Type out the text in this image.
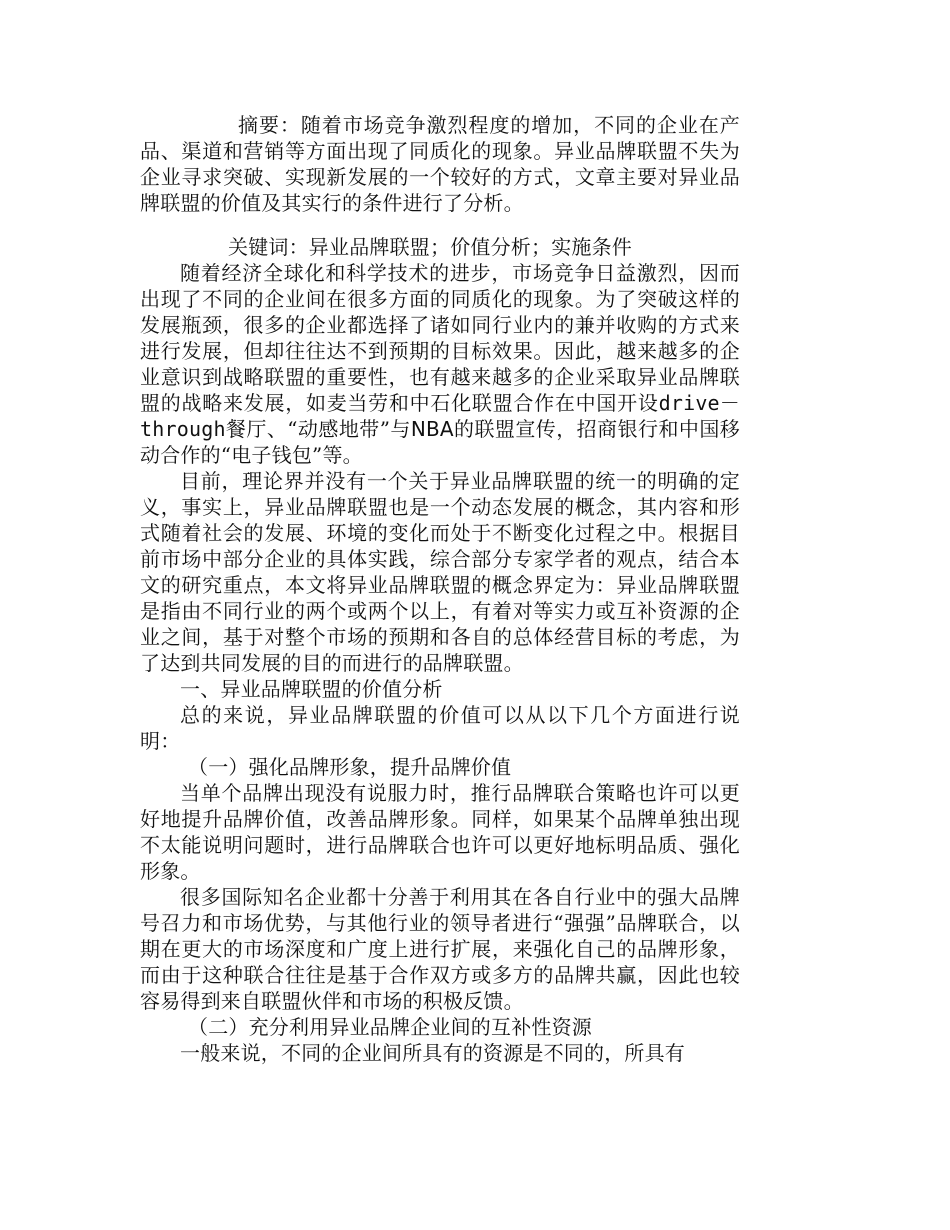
摘要：随着市场竞争激烈程度的增加，不同的企业在产品、渠道和营销等方面出现了同质化的现象。异业品牌联盟不失为企业寻求突破、实现新发展的一个较好的方式，文章主要对异业品牌联盟的价值及其实行的条件进行了分析。

关键词：异业品牌联盟；价值分析；实施条件

随着经济全球化和科学技术的进步，市场竞争日益激烈，因而出现了不同的企业间在很多方面的同质化的现象。为了突破这样的发展瓶颈，很多的企业都选择了诸如同行业内的兼并收购的方式来进行发展，但却往往达不到预期的目标效果。因此，越来越多的企业意识到战略联盟的重要性，也有越来越多的企业采取异业品牌联盟的战略来发展，如麦当劳和中石化联盟合作在中国开设drive－through餐厅、“动感地带”与NBA的联盟宣传，招商银行和中国移动合作的“电子钱包”等。

目前，理论界并没有一个关于异业品牌联盟的统一的明确的定义，事实上，异业品牌联盟也是一个动态发展的概念，其内容和形式随着社会的发展、环境的变化而处于不断变化过程之中。根据目前市场中部分企业的具体实践，综合部分专家学者的观点，结合本文的研究重点，本文将异业品牌联盟的概念界定为：异业品牌联盟是指由不同行业的两个或两个以上，有着对等实力或互补资源的企业之间，基于对整个市场的预期和各自的总体经营目标的考虑，为了达到共同发展的目的而进行的品牌联盟。

一、异业品牌联盟的价值分析

总的来说，异业品牌联盟的价值可以从以下几个方面进行说明：

（一）强化品牌形象，提升品牌价值

当单个品牌出现没有说服力时，推行品牌联合策略也许可以更好地提升品牌价值，改善品牌形象。同样，如果某个品牌单独出现不太能说明问题时，进行品牌联合也许可以更好地标明品质、强化形象。

很多国际知名企业都十分善于利用其在各自行业中的强大品牌号召力和市场优势，与其他行业的领导者进行“强强”品牌联合，以期在更大的市场深度和广度上进行扩展，来强化自己的品牌形象，而由于这种联合往往是基于合作双方或多方的品牌共赢，因此也较容易得到来自联盟伙伴和市场的积极反馈。

（二）充分利用异业品牌企业间的互补性资源

一般来说，不同的企业间所具有的资源是不同的，所具有
